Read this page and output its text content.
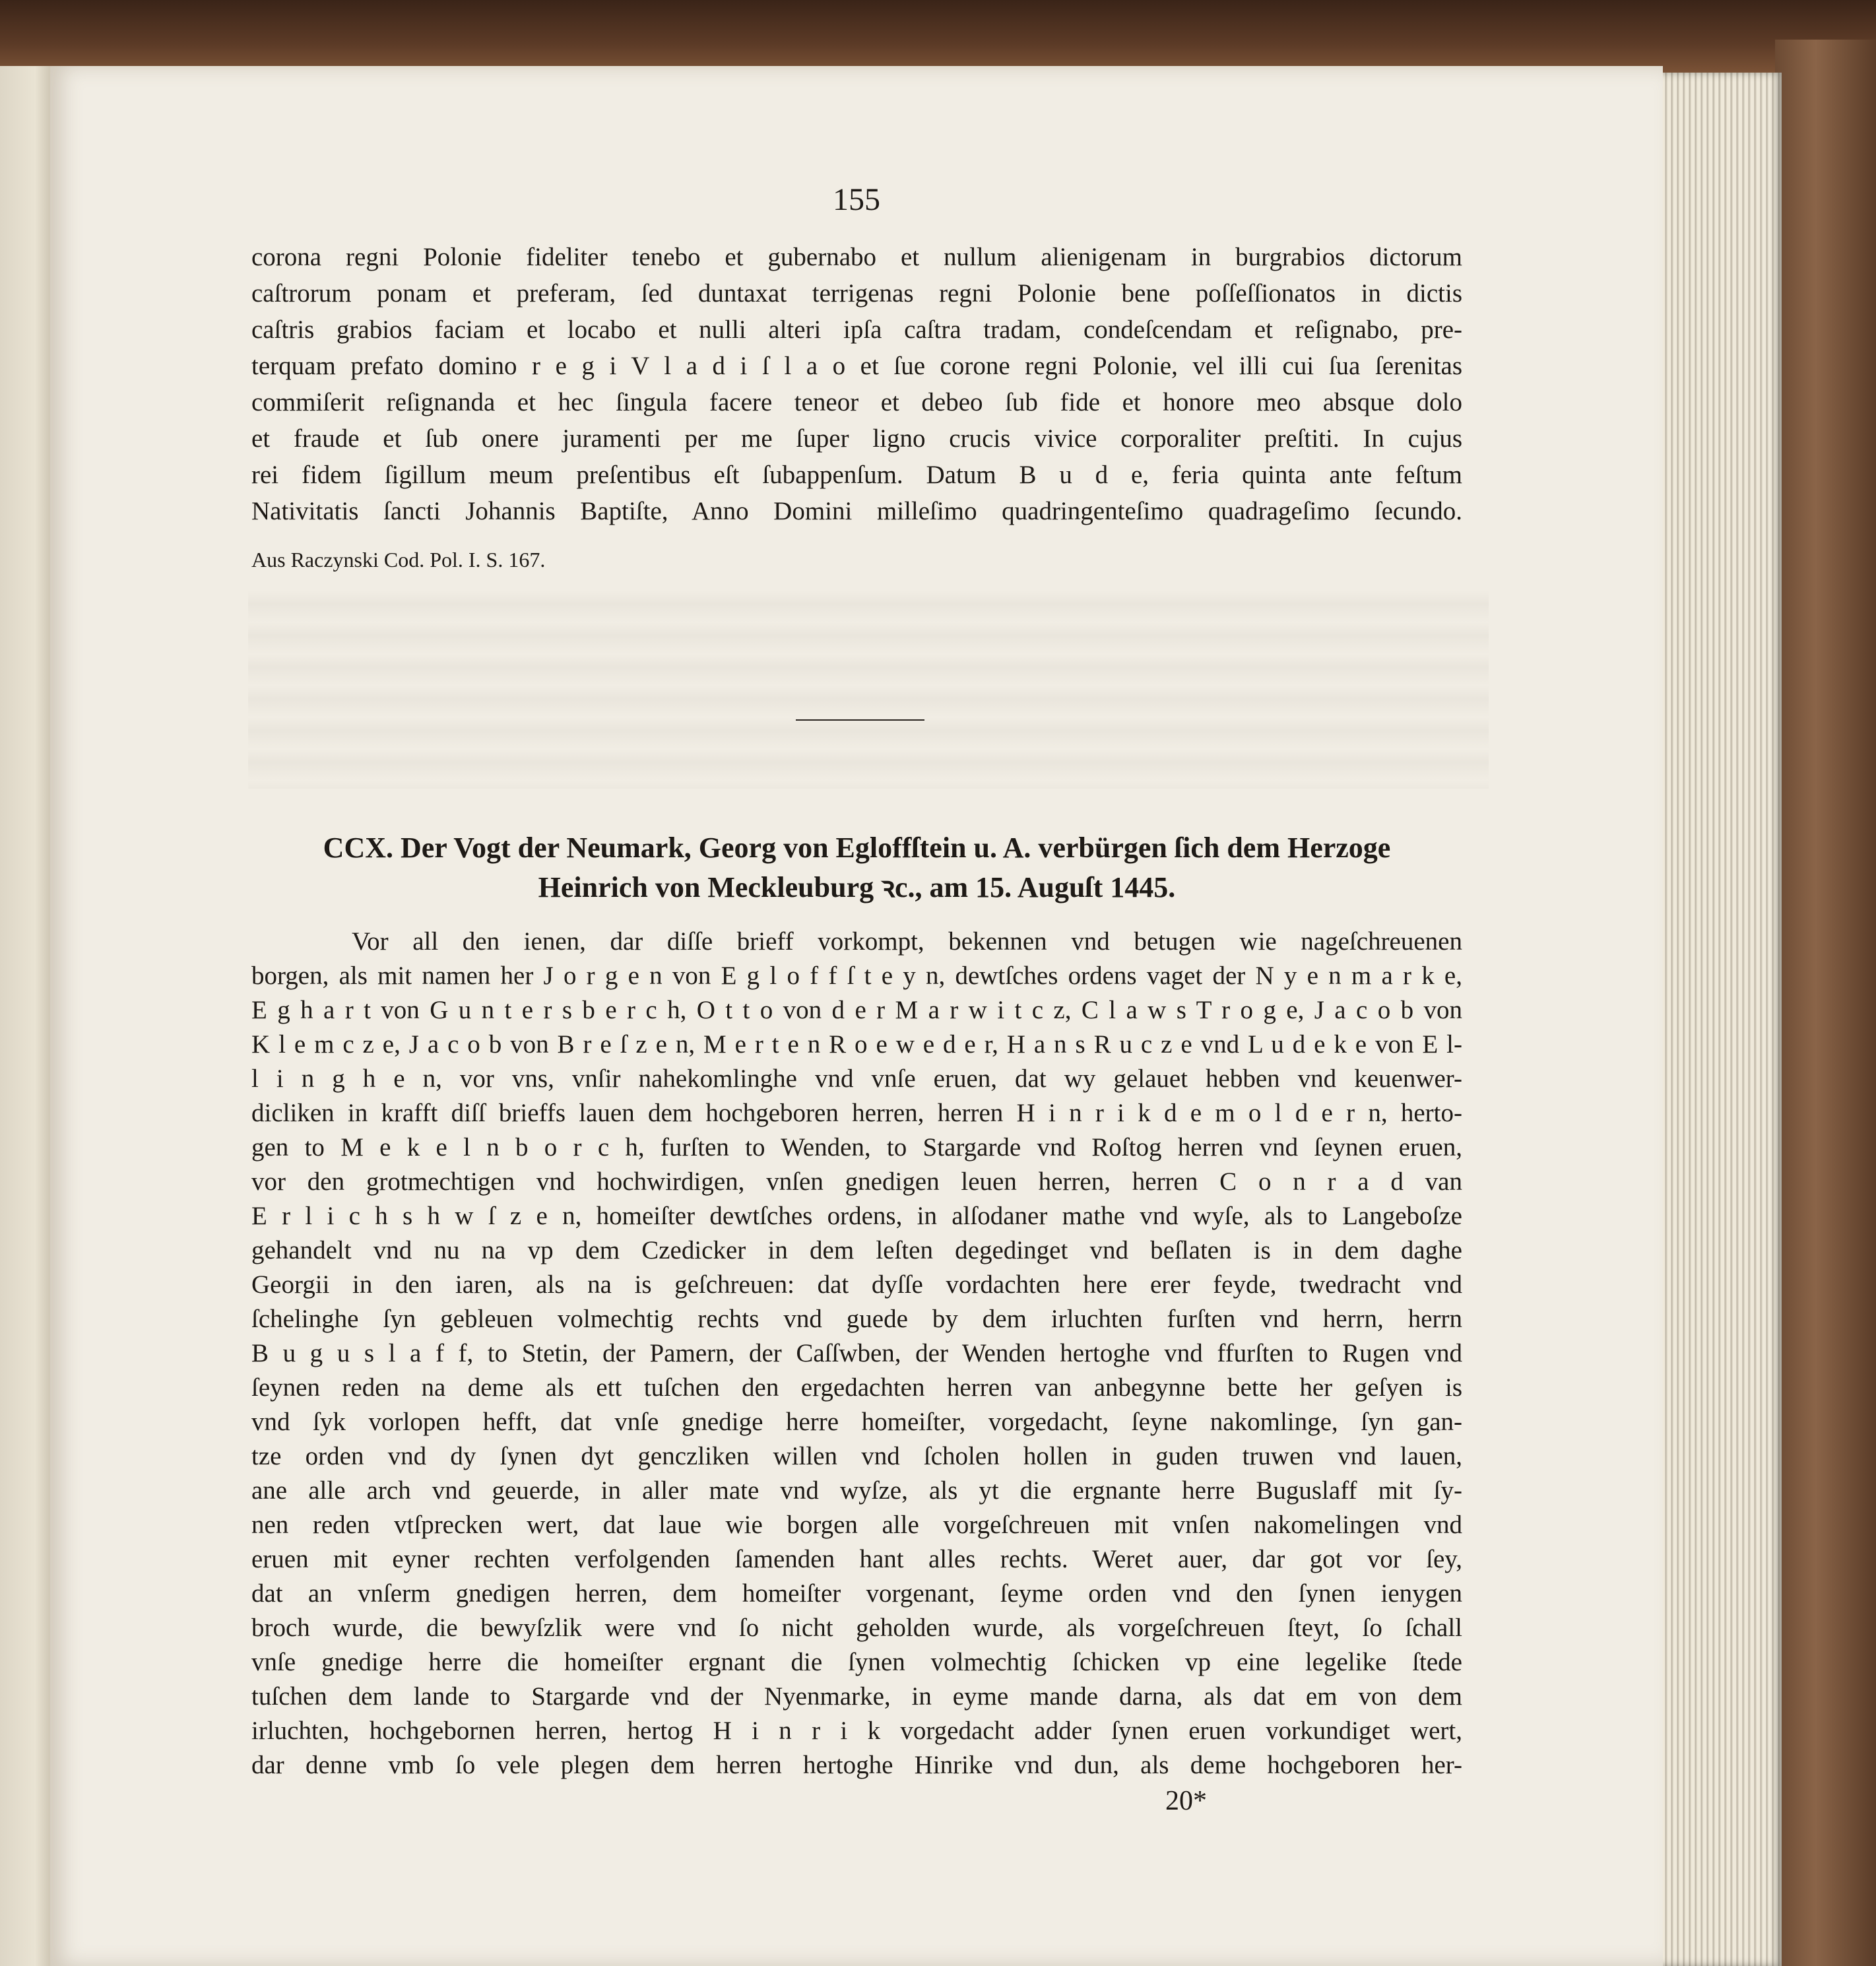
155
corona regni Polonie fideliter tenebo et gubernabo et nullum alienigenam in burgrabios dictorum
caſtrorum ponam et preferam, ſed duntaxat terrigenas regni Polonie bene poſſeſſionatos in dictis
caſtris grabios faciam et locabo et nulli alteri ipſa caſtra tradam, condeſcendam et reſignabo, pre-
terquam prefato domino r e g i V l a d i ſ l a o et ſue corone regni Polonie, vel illi cui ſua ſerenitas
commiſerit reſignanda et hec ſingula facere teneor et debeo ſub fide et honore meo absque dolo
et fraude et ſub onere juramenti per me ſuper ligno crucis vivice corporaliter preſtiti. In cujus
rei fidem ſigillum meum preſentibus eſt ſubappenſum. Datum B u d e, feria quinta ante feſtum
Nativitatis ſancti Johannis Baptiſte, Anno Domini milleſimo quadringenteſimo quadrageſimo ſecundo.
Aus Raczynski Cod. Pol. I. S. 167.
CCX. Der Vogt der Neumark, Georg von Egloffſtein u. A. verbürgen ſich dem Herzoge
Heinrich von Meckleuburg ꝛc., am 15. Auguſt 1445.
Vor all den ienen, dar diſſe brieff vorkompt, bekennen vnd betugen wie nageſchreuenen
borgen, als mit namen her J o r g e n von E g l o f f ſ t e y n, dewtſches ordens vaget der N y e n m a r k e,
E g h a r t von G u n t e r s b e r c h, O t t o von d e r M a r w i t c z, C l a w s T r o g e, J a c o b von
K l e m c z e, J a c o b von B r e ſ z e n, M e r t e n R o e w e d e r, H a n s R u c z e vnd L u d e k e von E l-
l i n g h e n, vor vns, vnſir nahekomlinghe vnd vnſe eruen, dat wy gelauet hebben vnd keuenwer-
dicliken in krafft diſſ brieffs lauen dem hochgeboren herren, herren H i n r i k d e m o l d e r n, herto-
gen to M e k e l n b o r c h, furſten to Wenden, to Stargarde vnd Roſtog herren vnd ſeynen eruen,
vor den grotmechtigen vnd hochwirdigen, vnſen gnedigen leuen herren, herren C o n r a d van
E r l i c h s h w ſ z e n, homeiſter dewtſches ordens, in alſodaner mathe vnd wyſe, als to Langeboſze
gehandelt vnd nu na vp dem Czedicker in dem leſten degedinget vnd beſlaten is in dem daghe
Georgii in den iaren, als na is geſchreuen: dat dyſſe vordachten here erer feyde, twedracht vnd
ſchelinghe ſyn gebleuen volmechtig rechts vnd guede by dem irluchten furſten vnd herrn, herrn
B u g u s l a f f, to Stetin, der Pamern, der Caſſwben, der Wenden hertoghe vnd ffurſten to Rugen vnd
ſeynen reden na deme als ett tuſchen den ergedachten herren van anbegynne bette her geſyen is
vnd ſyk vorlopen hefft, dat vnſe gnedige herre homeiſter, vorgedacht, ſeyne nakomlinge, ſyn gan-
tze orden vnd dy ſynen dyt genczliken willen vnd ſcholen hollen in guden truwen vnd lauen,
ane alle arch vnd geuerde, in aller mate vnd wyſze, als yt die ergnante herre Buguslaff mit ſy-
nen reden vtſprecken wert, dat laue wie borgen alle vorgeſchreuen mit vnſen nakomelingen vnd
eruen mit eyner rechten verfolgenden ſamenden hant alles rechts. Weret auer, dar got vor ſey,
dat an vnſerm gnedigen herren, dem homeiſter vorgenant, ſeyme orden vnd den ſynen ienygen
broch wurde, die bewyſzlik were vnd ſo nicht geholden wurde, als vorgeſchreuen ſteyt, ſo ſchall
vnſe gnedige herre die homeiſter ergnant die ſynen volmechtig ſchicken vp eine legelike ſtede
tuſchen dem lande to Stargarde vnd der Nyenmarke, in eyme mande darna, als dat em von dem
irluchten, hochgebornen herren, hertog H i n r i k vorgedacht adder ſynen eruen vorkundiget wert,
dar denne vmb ſo vele plegen dem herren hertoghe Hinrike vnd dun, als deme hochgeboren her-
20*
